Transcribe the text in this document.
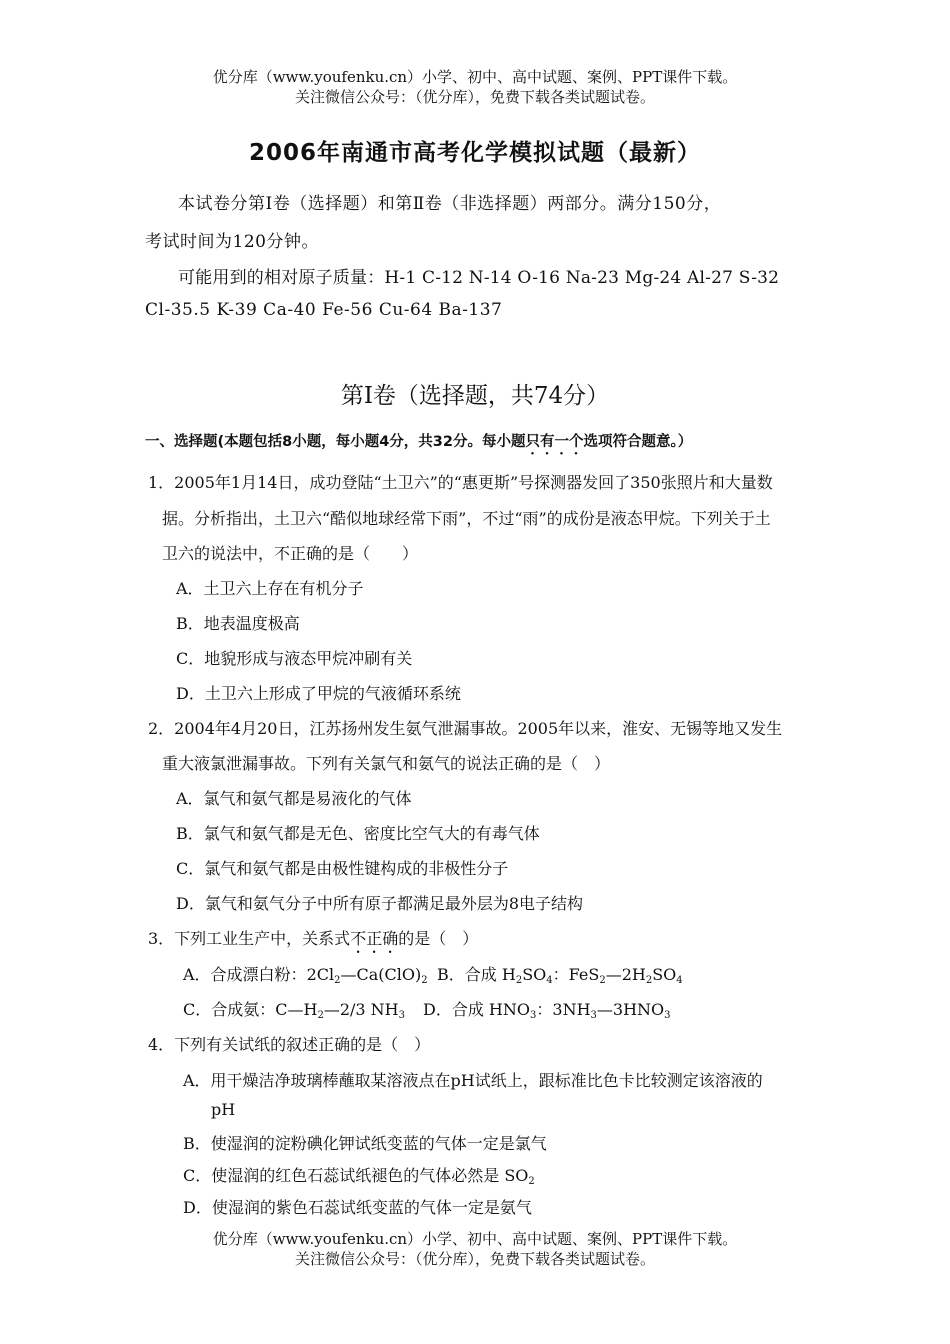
优分库（www.youfenku.cn）小学、初中、高中试题、案例、PPT课件下载。
关注微信公众号：（优分库），免费下载各类试题试卷。
2006年南通市高考化学模拟试题（最新）
本试卷分第Ⅰ卷（选择题）和第Ⅱ卷（非选择题）两部分。满分150分，
考试时间为120分钟。
可能用到的相对原子质量：H-1 C-12 N-14 O-16 Na-23 Mg-24 Al-27 S-32
Cl-35.5 K-39 Ca-40 Fe-56 Cu-64 Ba-137
第I卷（选择题，共74分）
一、选择题(本题包括8小题，每小题4分，共32分。每小题只有一个选项符合题意。）
1．2005年1月14日，成功登陆“土卫六”的“惠更斯”号探测器发回了350张照片和大量数
据。分析指出，土卫六“酷似地球经常下雨”，不过“雨”的成份是液态甲烷。下列关于土
卫六的说法中，不正确的是（　　）
A．土卫六上存在有机分子
B．地表温度极高
C．地貌形成与液态甲烷冲刷有关
D．土卫六上形成了甲烷的气液循环系统
2．2004年4月20日，江苏扬州发生氨气泄漏事故。2005年以来，淮安、无锡等地又发生
重大液氯泄漏事故。下列有关氯气和氨气的说法正确的是（　）
A．氯气和氨气都是易液化的气体
B．氯气和氨气都是无色、密度比空气大的有毒气体
C．氯气和氨气都是由极性键构成的非极性分子
D．氯气和氨气分子中所有原子都满足最外层为8电子结构
3．下列工业生产中，关系式不正确的是（　）
A．合成漂白粉：$2Cl_2—Ca(ClO)_2$ B．合成 $H_2SO_4$：$FeS_2—2H_2SO_4$
C．合成氨：$C—H_2—2/3$ $NH_3$ D．合成 $HNO_3$：$3NH_3—3HNO_3$
4．下列有关试纸的叙述正确的是（　）
A．用干燥洁净玻璃棒蘸取某溶液点在pH试纸上，跟标准比色卡比较测定该溶液的
pH
B．使湿润的淀粉碘化钾试纸变蓝的气体一定是氯气
C．使湿润的红色石蕊试纸褪色的气体必然是 $SO_2$
D．使湿润的紫色石蕊试纸变蓝的气体一定是氨气
优分库（www.youfenku.cn）小学、初中、高中试题、案例、PPT课件下载。
关注微信公众号：（优分库），免费下载各类试题试卷。
